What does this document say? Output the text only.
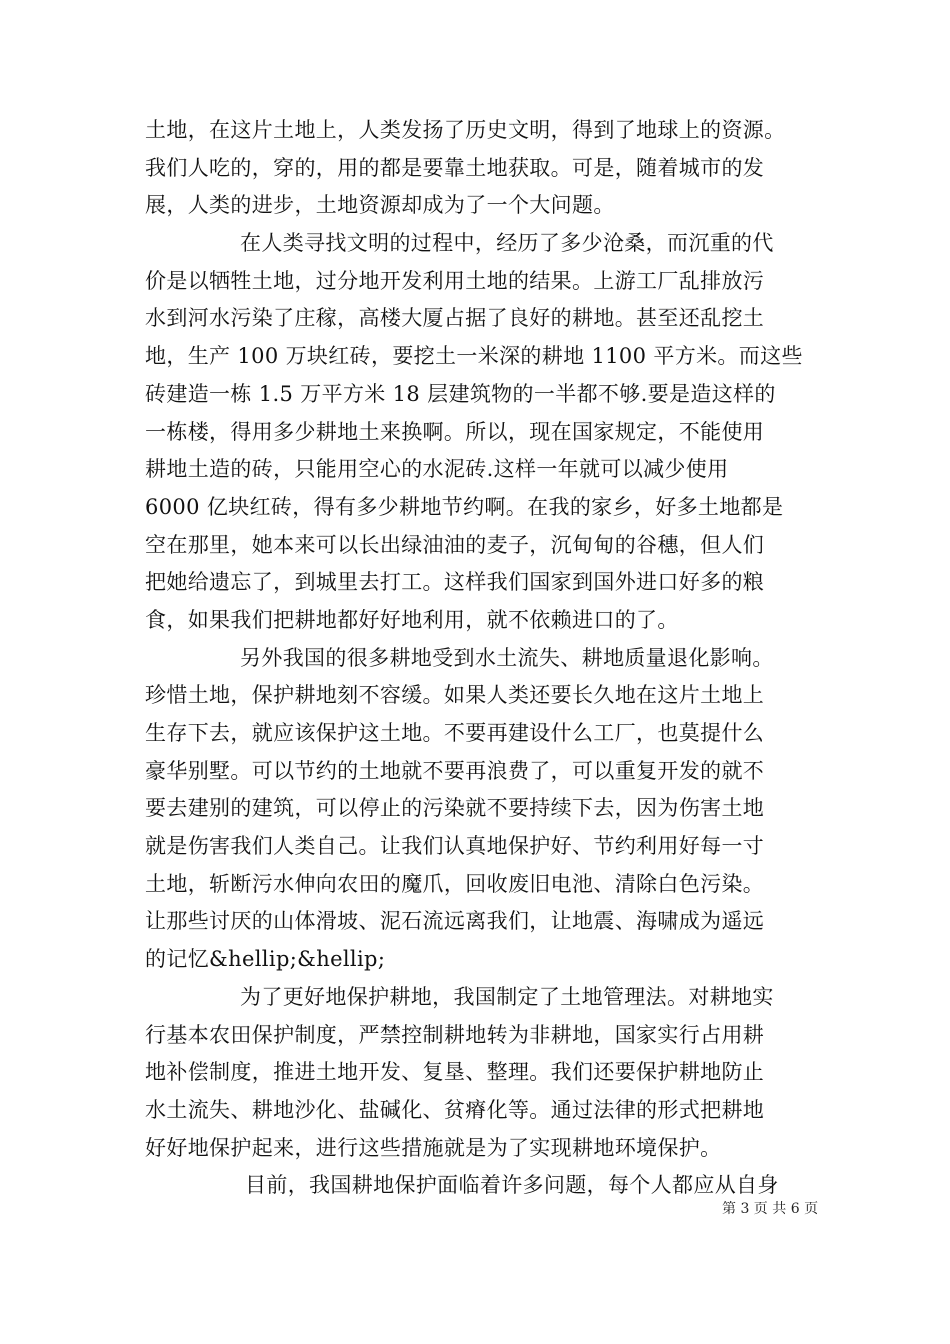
土地，在这片土地上，人类发扬了历史文明，得到了地球上的资源。
我们人吃的，穿的，用的都是要靠土地获取。可是，随着城市的发
展，人类的进步，土地资源却成为了一个大问题。
在人类寻找文明的过程中，经历了多少沧桑，而沉重的代
价是以牺牲土地，过分地开发利用土地的结果。上游工厂乱排放污
水到河水污染了庄稼，高楼大厦占据了良好的耕地。甚至还乱挖土
地，生产 100 万块红砖，要挖土一米深的耕地 1100 平方米。而这些
砖建造一栋 1.5 万平方米 18 层建筑物的一半都不够.要是造这样的
一栋楼，得用多少耕地土来换啊。所以，现在国家规定，不能使用
耕地土造的砖，只能用空心的水泥砖.这样一年就可以减少使用
6000 亿块红砖，得有多少耕地节约啊。在我的家乡，好多土地都是
空在那里，她本来可以长出绿油油的麦子，沉甸甸的谷穗，但人们
把她给遗忘了，到城里去打工。这样我们国家到国外进口好多的粮
食，如果我们把耕地都好好地利用，就不依赖进口的了。
另外我国的很多耕地受到水土流失、耕地质量退化影响。
珍惜土地，保护耕地刻不容缓。如果人类还要长久地在这片土地上
生存下去，就应该保护这土地。不要再建设什么工厂，也莫提什么
豪华别墅。可以节约的土地就不要再浪费了，可以重复开发的就不
要去建别的建筑，可以停止的污染就不要持续下去，因为伤害土地
就是伤害我们人类自己。让我们认真地保护好、节约利用好每一寸
土地，斩断污水伸向农田的魔爪，回收废旧电池、清除白色污染。
让那些讨厌的山体滑坡、泥石流远离我们，让地震、海啸成为遥远
的记忆&hellip;&hellip;
为了更好地保护耕地，我国制定了土地管理法。对耕地实
行基本农田保护制度，严禁控制耕地转为非耕地，国家实行占用耕
地补偿制度，推进土地开发、复垦、整理。我们还要保护耕地防止
水土流失、耕地沙化、盐碱化、贫瘠化等。通过法律的形式把耕地
好好地保护起来，进行这些措施就是为了实现耕地环境保护。
目前，我国耕地保护面临着许多问题，每个人都应从自身
第 3 页 共 6 页
